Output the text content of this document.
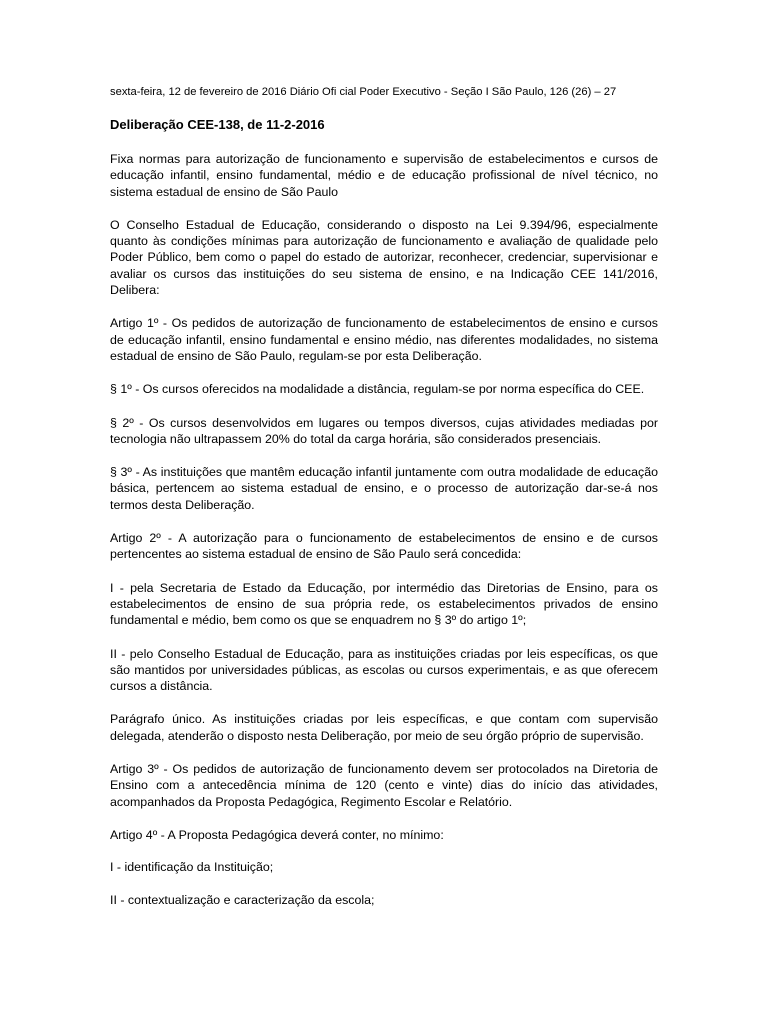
sexta-feira, 12 de fevereiro de 2016 Diário Ofi cial Poder Executivo - Seção I São Paulo, 126 (26) – 27
Deliberação CEE-138, de 11-2-2016

Fixa normas para autorização de funcionamento e supervisão de estabelecimentos e cursos de educação infantil, ensino fundamental, médio e de educação profissional de nível técnico, no sistema estadual de ensino de São Paulo

O Conselho Estadual de Educação, considerando o disposto na Lei 9.394/96, especialmente quanto às condições mínimas para autorização de funcionamento e avaliação de qualidade pelo Poder Público, bem como o papel do estado de autorizar, reconhecer, credenciar, supervisionar e avaliar os cursos das instituições do seu sistema de ensino, e na Indicação CEE 141/2016, Delibera:

Artigo 1º - Os pedidos de autorização de funcionamento de estabelecimentos de ensino e cursos de educação infantil, ensino fundamental e ensino médio, nas diferentes modalidades, no sistema estadual de ensino de São Paulo, regulam-se por esta Deliberação.

§ 1º - Os cursos oferecidos na modalidade a distância, regulam-se por norma específica do CEE.

§ 2º - Os cursos desenvolvidos em lugares ou tempos diversos, cujas atividades mediadas por tecnologia não ultrapassem 20% do total da carga horária, são considerados presenciais.

§ 3º - As instituições que mantêm educação infantil juntamente com outra modalidade de educação básica, pertencem ao sistema estadual de ensino, e o processo de autorização dar-se-á nos termos desta Deliberação.

Artigo 2º - A autorização para o funcionamento de estabelecimentos de ensino e de cursos pertencentes ao sistema estadual de ensino de São Paulo será concedida:

I - pela Secretaria de Estado da Educação, por intermédio das Diretorias de Ensino, para os estabelecimentos de ensino de sua própria rede, os estabelecimentos privados de ensino fundamental e médio, bem como os que se enquadrem no § 3º do artigo 1º;

II - pelo Conselho Estadual de Educação, para as instituições criadas por leis específicas, os que são mantidos por universidades públicas, as escolas ou cursos experimentais, e as que oferecem cursos a distância.

Parágrafo único. As instituições criadas por leis específicas, e que contam com supervisão delegada, atenderão o disposto nesta Deliberação, por meio de seu órgão próprio de supervisão.

Artigo 3º - Os pedidos de autorização de funcionamento devem ser protocolados na Diretoria de Ensino com a antecedência mínima de 120 (cento e vinte) dias do início das atividades, acompanhados da Proposta Pedagógica, Regimento Escolar e Relatório.

Artigo 4º - A Proposta Pedagógica deverá conter, no mínimo:

I - identificação da Instituição;

II - contextualização e caracterização da escola;
